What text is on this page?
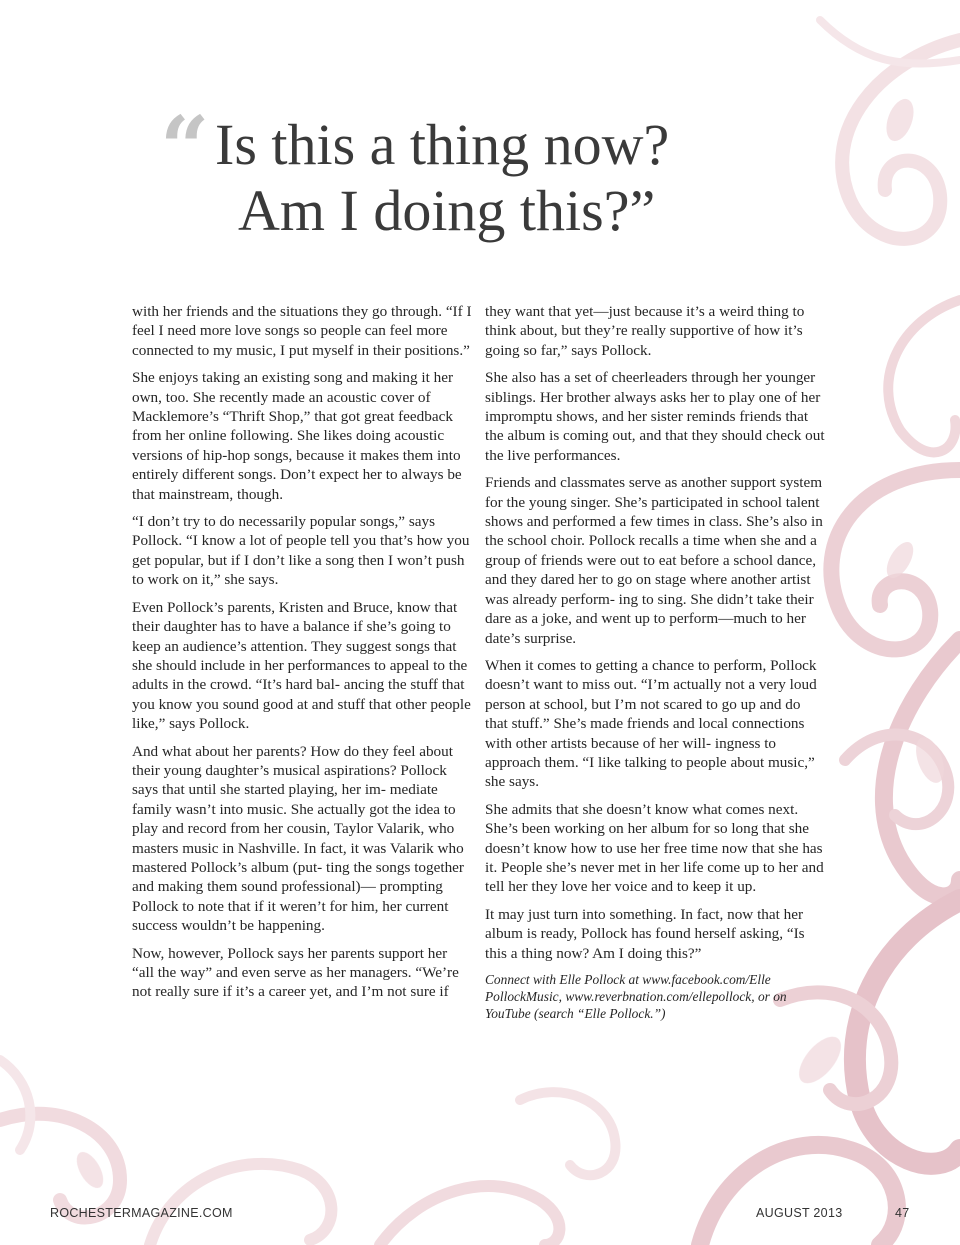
“ Is this a thing now?
Am I doing this?”

with her friends and the situations they go through. “If I feel I need more love songs so people can feel more connected to my music, I put myself in their positions.”

She enjoys taking an existing song and making it her own, too. She recently made an acoustic cover of Macklemore’s “Thrift Shop,” that got great feedback from her online following. She likes doing acoustic versions of hip-hop songs, because it makes them into entirely different songs. Don’t expect her to always be that mainstream, though.

“I don’t try to do necessarily popular songs,” says Pollock. “I know a lot of people tell you that’s how you get popular, but if I don’t like a song then I won’t push to work on it,” she says.

Even Pollock’s parents, Kristen and Bruce, know that their daughter has to have a balance if she’s going to keep an audience’s attention. They suggest songs that she should include in her performances to appeal to the adults in the crowd. “It’s hard bal- ancing the stuff that you know you sound good at and stuff that other people like,” says Pollock.

And what about her parents? How do they feel about their young daughter’s musical aspirations? Pollock says that until she started playing, her im- mediate family wasn’t into music. She actually got the idea to play and record from her cousin, Taylor Valarik, who masters music in Nashville. In fact, it was Valarik who mastered Pollock’s album (put- ting the songs together and making them sound professional)— prompting Pollock to note that if it weren’t for him, her current success wouldn’t be happening.

Now, however, Pollock says her parents support her “all the way” and even serve as her managers. “We’re not really sure if it’s a career yet, and I’m not sure if

they want that yet—just because it’s a weird thing to think about, but they’re really supportive of how it’s going so far,” says Pollock.

She also has a set of cheerleaders through her younger siblings. Her brother always asks her to play one of her impromptu shows, and her sister reminds friends that the album is coming out, and that they should check out the live performances.

Friends and classmates serve as another support system for the young singer. She’s participated in school talent shows and performed a few times in class. She’s also in the school choir. Pollock recalls a time when she and a group of friends were out to eat before a school dance, and they dared her to go on stage where another artist was already perform- ing to sing. She didn’t take their dare as a joke, and went up to perform—much to her date’s surprise.

When it comes to getting a chance to perform, Pollock doesn’t want to miss out. “I’m actually not a very loud person at school, but I’m not scared to go up and do that stuff.” She’s made friends and local connections with other artists because of her will- ingness to approach them. “I like talking to people about music,” she says.

She admits that she doesn’t know what comes next. She’s been working on her album for so long that she doesn’t know how to use her free time now that she has it. People she’s never met in her life come up to her and tell her they love her voice and to keep it up.

It may just turn into something. In fact, now that her album is ready, Pollock has found herself asking, “Is this a thing now? Am I doing this?”

Connect with Elle Pollock at www.facebook.com/Elle PollockMusic, www.reverbnation.com/ellepollock, or on YouTube (search “Elle Pollock.”)

ROCHESTERMAGAZINE.COM	AUGUST 2013	47
